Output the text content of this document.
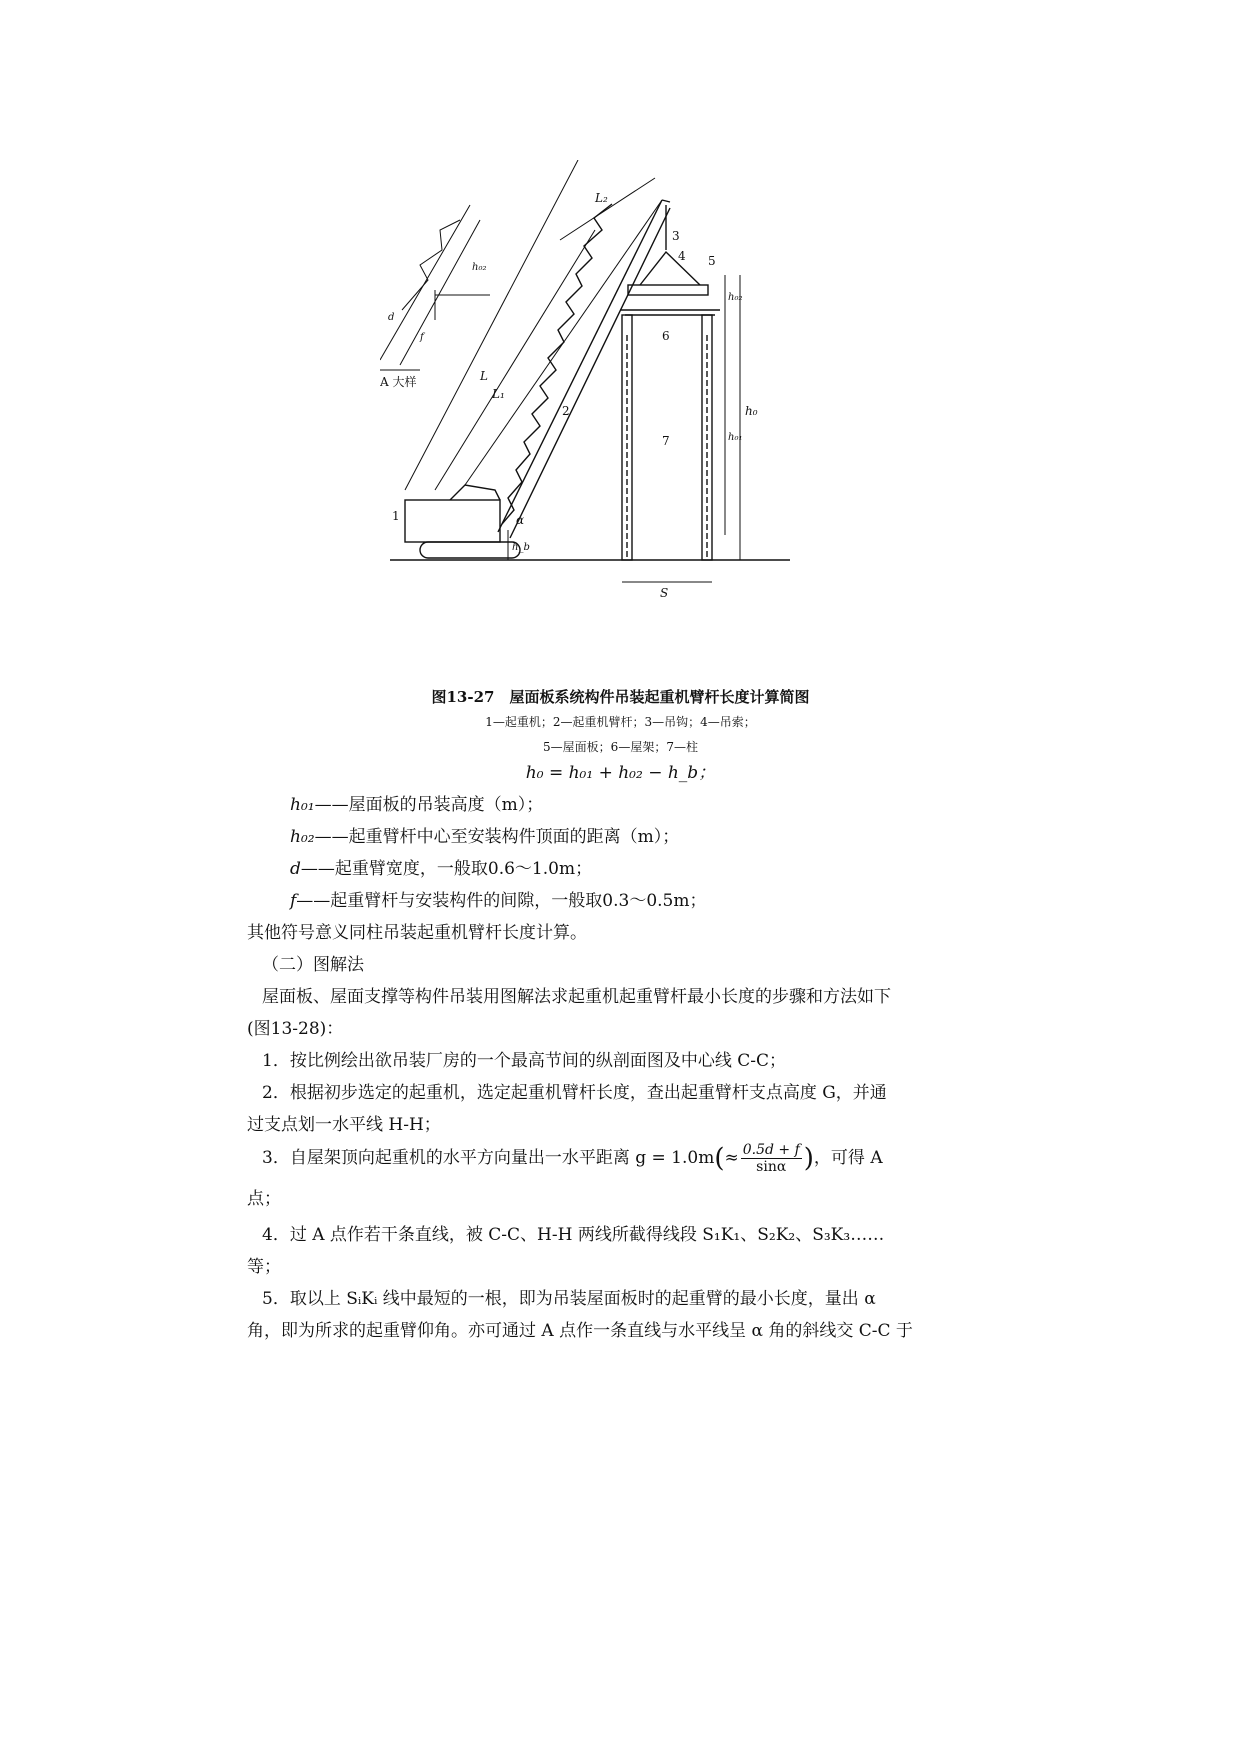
1
2
3
4 5
6
7
L
L₁
L₂
h₀
h₀₁
h₀₂
h_b
S
α
A 大样
d
f
h₀₂
图13-27　屋面板系统构件吊装起重机臂杆长度计算简图
1—起重机；2—起重机臂杆；3—吊钩；4—吊索；
5—屋面板；6—屋架；7—柱
h₀ = h₀₁ + h₀₂ − h_b；
h₀₁——屋面板的吊装高度（m）；
h₀₂——起重臂杆中心至安装构件顶面的距离（m）；
d——起重臂宽度，一般取0.6～1.0m；
f——起重臂杆与安装构件的间隙，一般取0.3～0.5m；
其他符号意义同柱吊装起重机臂杆长度计算。
（二）图解法
屋面板、屋面支撑等构件吊装用图解法求起重机起重臂杆最小长度的步骤和方法如下
(图13-28)：
1．按比例绘出欲吊装厂房的一个最高节间的纵剖面图及中心线 C-C；
2．根据初步选定的起重机，选定起重机臂杆长度，查出起重臂杆支点高度 G，并通
过支点划一水平线 H-H；
3．自屋架顶向起重机的水平方向量出一水平距离 $g = 1.0m(\approx \frac{0.5d + f}{\sin\alpha}$ )，可得 A
点；
4．过 A 点作若干条直线，被 C-C、H-H 两线所截得线段 S₁K₁、S₂K₂、S₃K₃……
等；
5．取以上 SᵢKᵢ 线中最短的一根，即为吊装屋面板时的起重臂的最小长度，量出 α
角，即为所求的起重臂仰角。亦可通过 A 点作一条直线与水平线呈 α 角的斜线交 C-C 于
